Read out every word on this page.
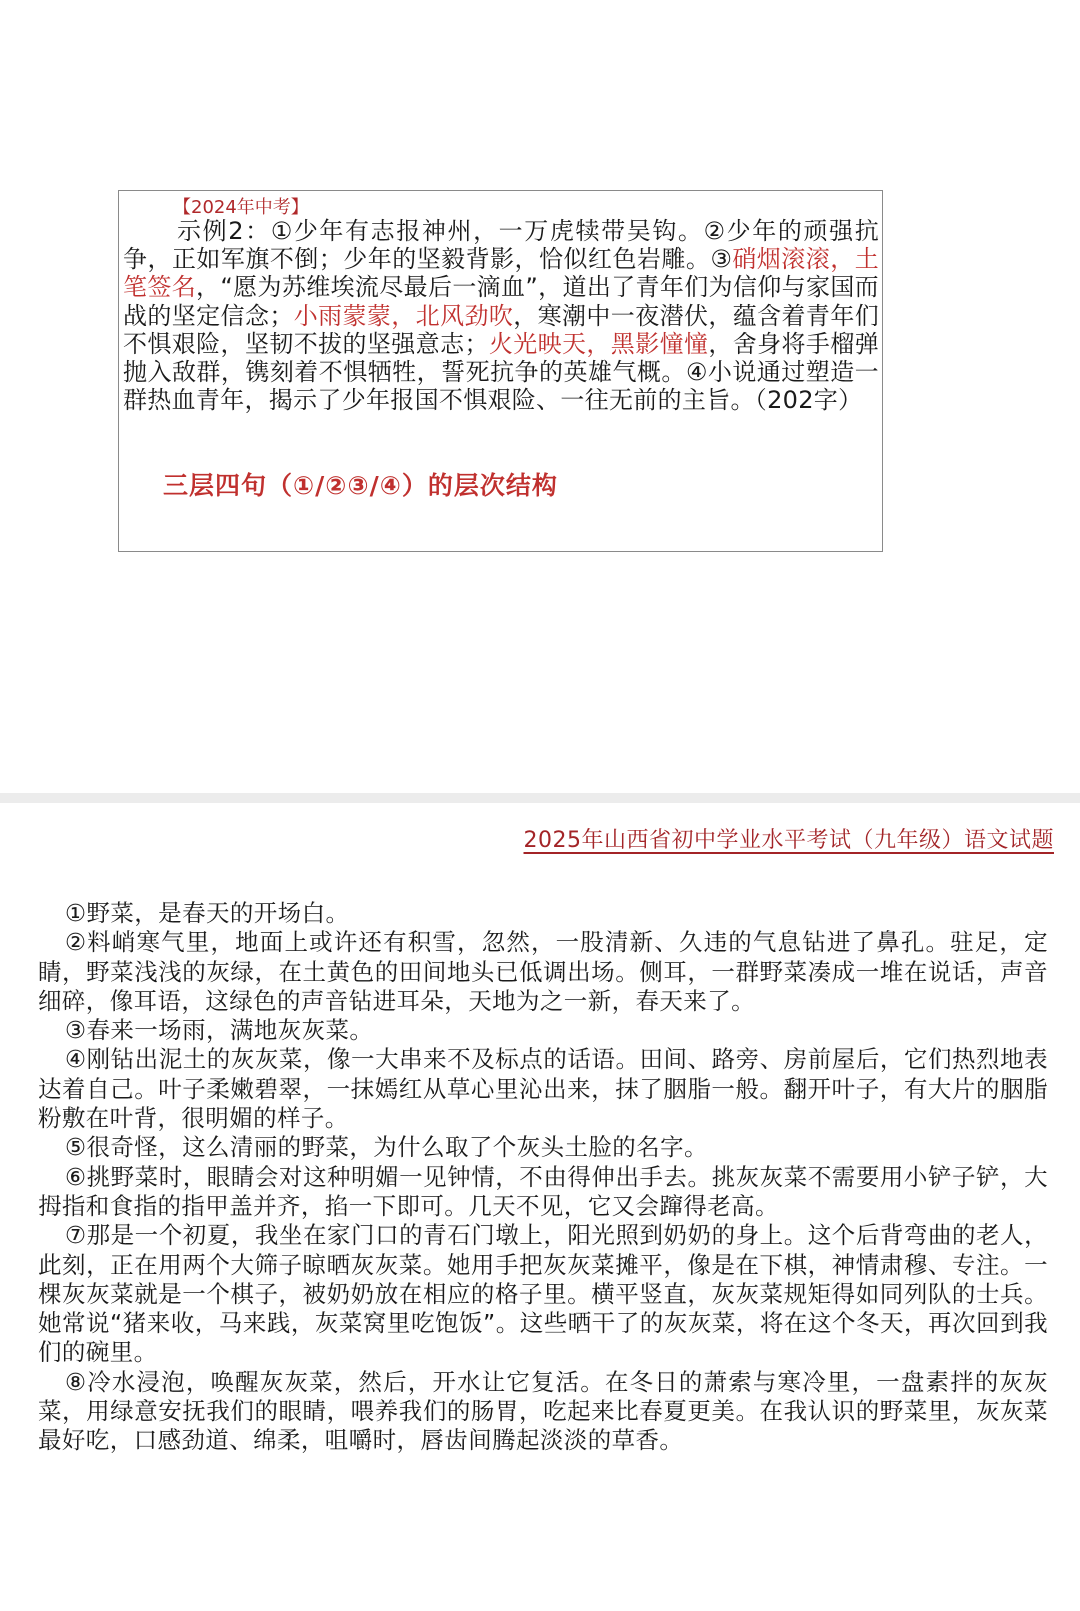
【2024年中考】

示例2：①少年有志报神州，一万虎犊带吴钩。②少年的顽强抗争，正如军旗不倒；少年的坚毅背影，恰似红色岩雕。③硝烟滚滚，土笔签名，“愿为苏维埃流尽最后一滴血”，道出了青年们为信仰与家国而战的坚定信念；小雨蒙蒙，北风劲吹，寒潮中一夜潜伏，蕴含着青年们不惧艰险，坚韧不拔的坚强意志；火光映天，黑影憧憧，舍身将手榴弹抛入敌群，镌刻着不惧牺牲，誓死抗争的英雄气概。④小说通过塑造一群热血青年，揭示了少年报国不惧艰险、一往无前的主旨。（202字）

三层四句（①/②③/④）的层次结构
2025年山西省初中学业水平考试（九年级）语文试题

①野菜，是春天的开场白。

②料峭寒气里，地面上或许还有积雪，忽然，一股清新、久违的气息钻进了鼻孔。驻足，定睛，野菜浅浅的灰绿，在土黄色的田间地头已低调出场。侧耳，一群野菜凑成一堆在说话，声音细碎，像耳语，这绿色的声音钻进耳朵，天地为之一新，春天来了。

③春来一场雨，满地灰灰菜。

④刚钻出泥土的灰灰菜，像一大串来不及标点的话语。田间、路旁、房前屋后，它们热烈地表达着自己。叶子柔嫩碧翠，一抹嫣红从草心里沁出来，抹了胭脂一般。翻开叶子，有大片的胭脂粉敷在叶背，很明媚的样子。

⑤很奇怪，这么清丽的野菜，为什么取了个灰头土脸的名字。

⑥挑野菜时，眼睛会对这种明媚一见钟情，不由得伸出手去。挑灰灰菜不需要用小铲子铲，大拇指和食指的指甲盖并齐，掐一下即可。几天不见，它又会蹿得老高。

⑦那是一个初夏，我坐在家门口的青石门墩上，阳光照到奶奶的身上。这个后背弯曲的老人，此刻，正在用两个大筛子晾晒灰灰菜。她用手把灰灰菜摊平，像是在下棋，神情肃穆、专注。一棵灰灰菜就是一个棋子，被奶奶放在相应的格子里。横平竖直，灰灰菜规矩得如同列队的士兵。她常说“猪来收，马来践，灰菜窝里吃饱饭”。这些晒干了的灰灰菜，将在这个冬天，再次回到我们的碗里。

⑧冷水浸泡，唤醒灰灰菜，然后，开水让它复活。在冬日的萧索与寒冷里，一盘素拌的灰灰菜，用绿意安抚我们的眼睛，喂养我们的肠胃，吃起来比春夏更美。在我认识的野菜里，灰灰菜最好吃，口感劲道、绵柔，咀嚼时，唇齿间腾起淡淡的草香。
